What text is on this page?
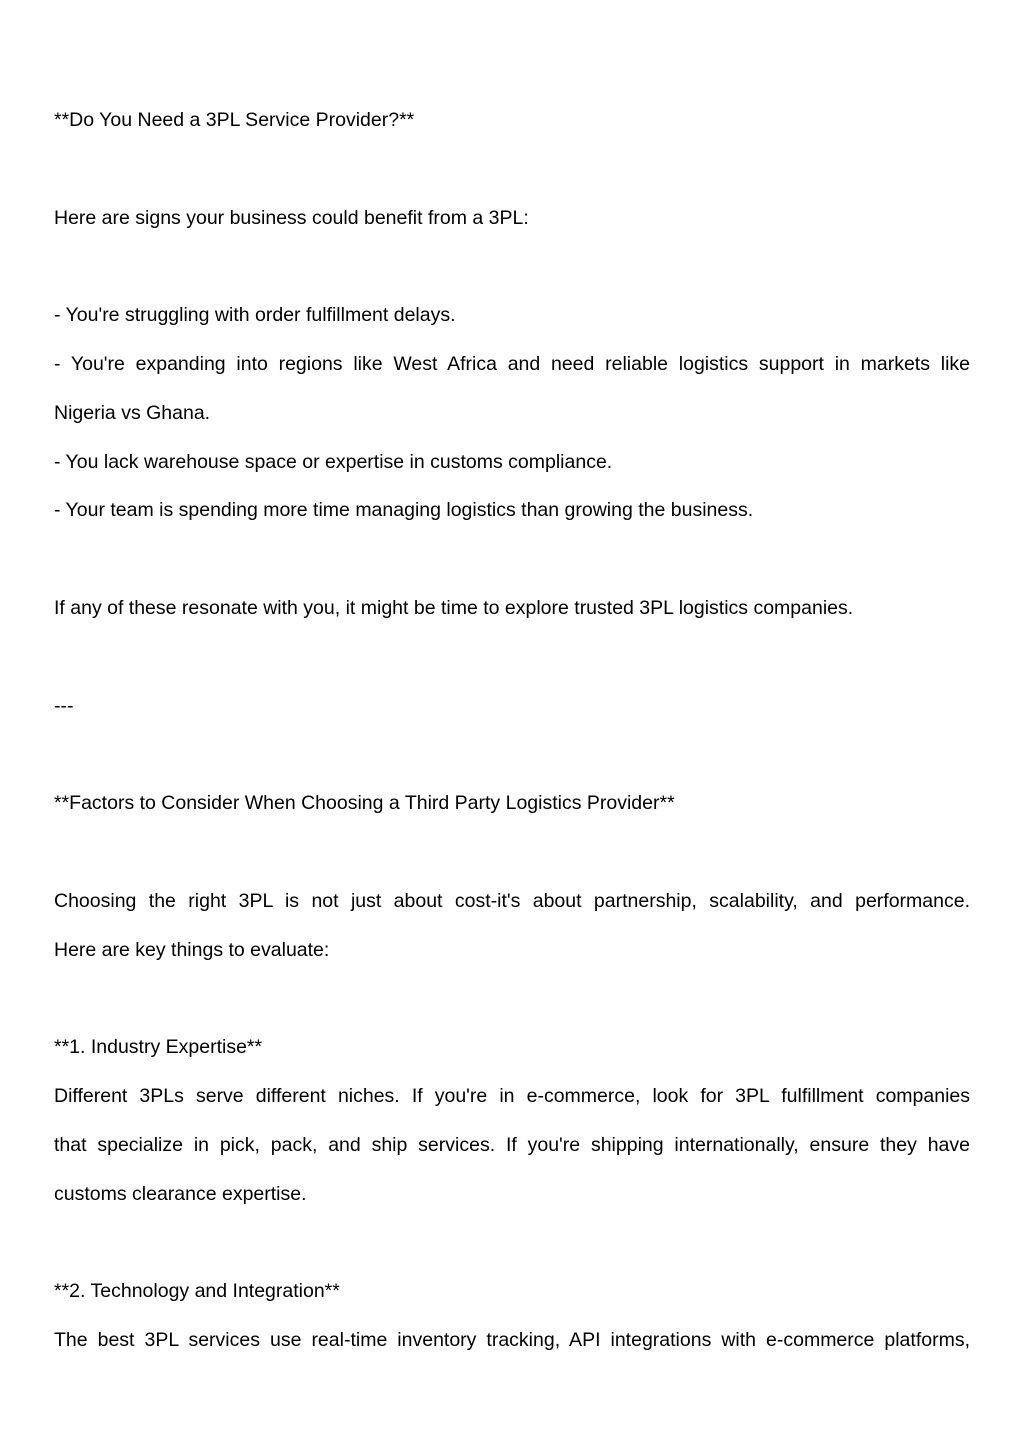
**Do You Need a 3PL Service Provider?**
Here are signs your business could benefit from a 3PL:
- You're struggling with order fulfillment delays.
- You're expanding into regions like West Africa and need reliable logistics support in markets like
Nigeria vs Ghana.
- You lack warehouse space or expertise in customs compliance.
- Your team is spending more time managing logistics than growing the business.
If any of these resonate with you, it might be time to explore trusted 3PL logistics companies.
---
**Factors to Consider When Choosing a Third Party Logistics Provider**
Choosing the right 3PL is not just about cost-it's about partnership, scalability, and performance.
Here are key things to evaluate:
**1. Industry Expertise**
Different 3PLs serve different niches. If you're in e-commerce, look for 3PL fulfillment companies
that specialize in pick, pack, and ship services. If you're shipping internationally, ensure they have
customs clearance expertise.
**2. Technology and Integration**
The best 3PL services use real-time inventory tracking, API integrations with e-commerce platforms,
